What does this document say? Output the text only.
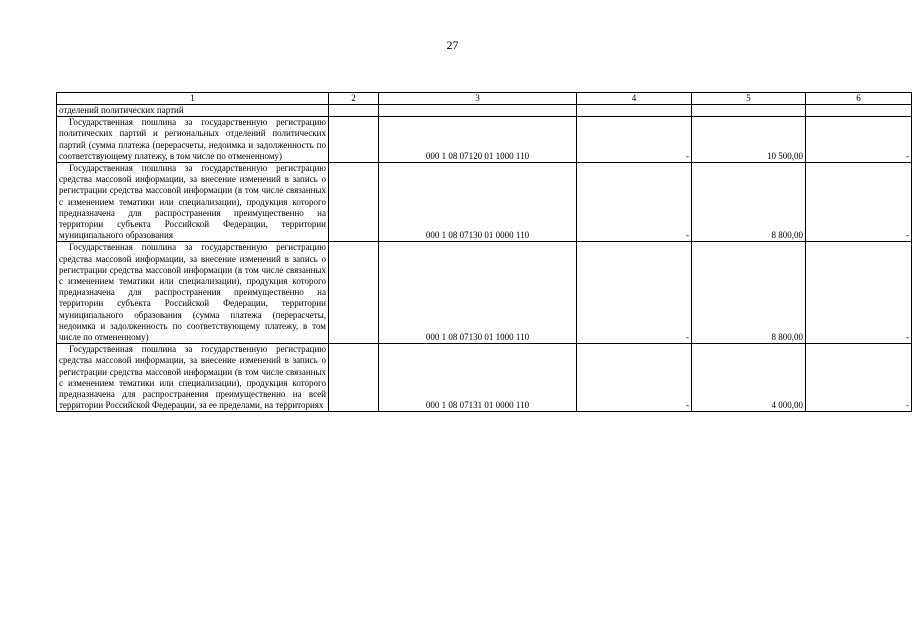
27
1	2	3	4	5	6
отделений политических партий					
Государственная пошлина за государственную регистрацию политических партий и региональных отделений политических партий (сумма платежа (перерасчеты, недоимка и задолженность по соответствующему платежу, в том числе по отмененному)		000 1 08 07120 01 1000 110	-	10 500,00	-
Государственная пошлина за государственную регистрацию средства массовой информации, за внесение изменений в запись о регистрации средства массовой информации (в том числе связанных с изменением тематики или специализации), продукция которого предназначена для распространения преимущественно на территории субъекта Российской Федерации, территории муниципального образования		000 1 08 07130 01 0000 110	-	8 800,00	-
Государственная пошлина за государственную регистрацию средства массовой информации, за внесение изменений в запись о регистрации средства массовой информации (в том числе связанных с изменением тематики или специализации), продукция которого предназначена для распространения преимущественно на территории субъекта Российской Федерации, территории муниципального образования (сумма платежа (перерасчеты, недоимка и задолженность по соответствующему платежу, в том числе по отмененному)		000 1 08 07130 01 1000 110	-	8 800,00	-
Государственная пошлина за государственную регистрацию средства массовой информации, за внесение изменений в запись о регистрации средства массовой информации (в том числе связанных с изменением тематики или специализации), продукция которого предназначена для распространения преимущественно на всей территории Российской Федерации, за ее пределами, на территориях		000 1 08 07131 01 0000 110	-	4 000,00	-
